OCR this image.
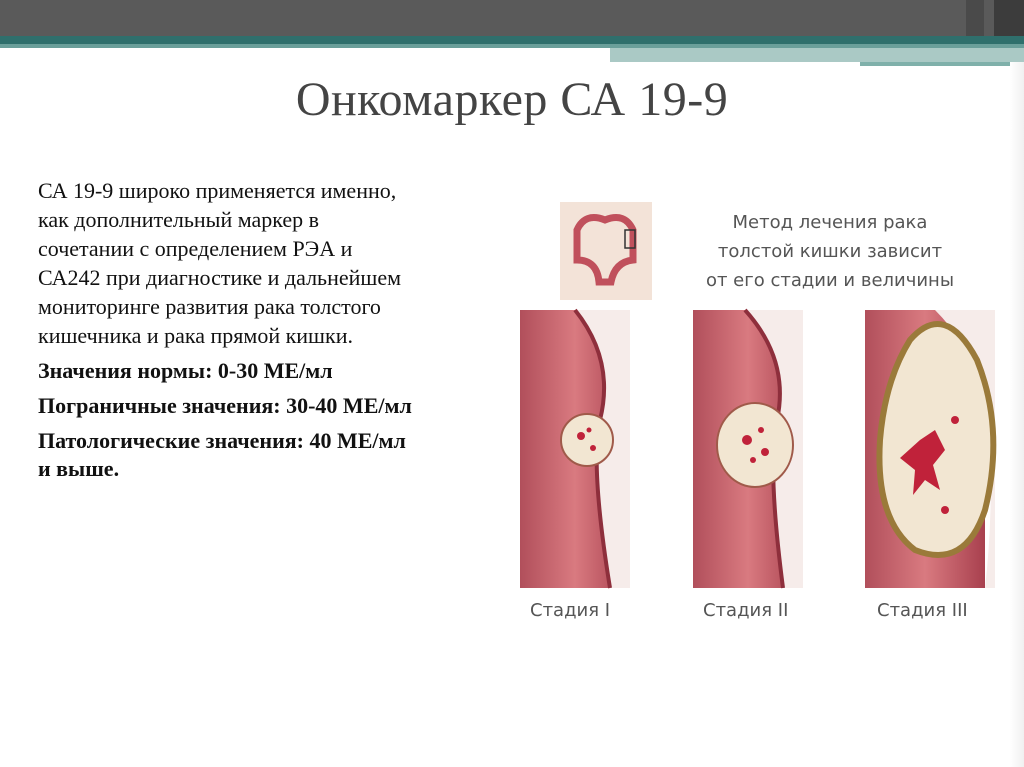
Онкомаркер СА 19-9

СА 19-9 широко применяется именно,

как дополнительный маркер в

сочетании с определением РЭА и

СА242 при диагностике и дальнейшем

мониторинге развития рака толстого

кишечника и рака прямой кишки.

Значения нормы: 0-30 МЕ/мл

Пограничные значения: 30-40 МЕ/мл

Патологические значения: 40 МЕ/мл

и выше.

Метод лечения рака
толстой кишки зависит
от его стадии и величины
Стадия I	Стадия II	Стадия III
